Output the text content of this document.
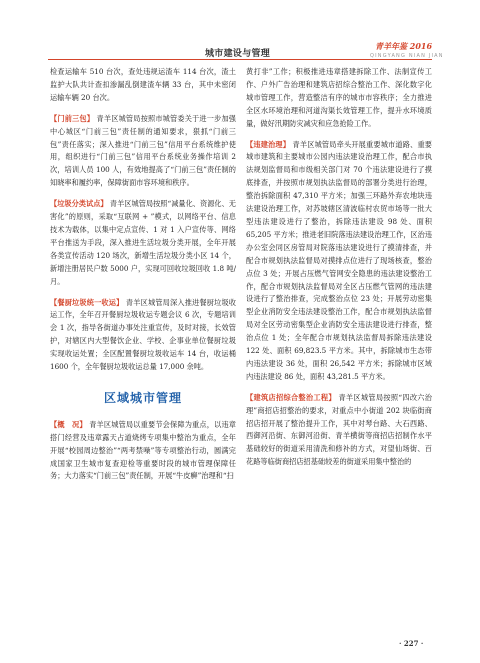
城市建设与管理
青羊年鉴 2016
QINGYANG NIAN JIAN

检查运输车 510 台次，查处违规运渣车 114 台次，渣土监护大队共计查扣渗漏乱倒建渣车辆 33 台，其中未密闭运输车辆 20 台次。

【门前三包】 青羊区城管局按照市城管委关于进一步加强中心城区“门前三包”责任制的通知要求，狠抓“门前三包”责任落实；深入推进“门前三包”信用平台系统维护使用，组织进行“门前三包”信用平台系统业务操作培训 2 次，培训人员 100 人，有效地提高了“门前三包”责任制的知晓率和履约率，保障街面市容环境和秩序。

【垃圾分类试点】 青羊区城管局按照“减量化、资源化、无害化”的原则，采取“互联网 + ”模式，以网络平台、信息技术为载体，以集中定点宣传、1 对 1 入户宣传等、网络平台推送为手段，深入推进生活垃圾分类开展，全年开展各类宣传活动 120 场次，新增生活垃圾分类小区 14 个，新增注册居民户数 5000 户，实现可回收垃圾回收 1.8 吨/月。

【餐厨垃圾统一收运】 青羊区城管局深入推进餐厨垃圾收运工作，全年召开餐厨垃圾收运专题会议 6 次，专题培训会 1 次，指导各街道办事处注重宣传，及时对接，长效管护，对辖区内大型餐饮企业、学校、企事业单位餐厨垃圾实现收运处置；全区配置餐厨垃圾收运车 14 台，收运桶 1600 个，全年餐厨垃圾收运总量 17,000 余吨。

区域城市管理

【概　况】 青羊区城管局以重要节会保障为重点，以违章搭门经营及违章露天占道烧烤专项集中整治为重点，全年开展“校园周边整治”“两考禁噪”等专项整治行动，圆满完成国家卫生城市复查迎检等重要时段的城市管理保障任务；大力落实“门前三包”责任制，开展“牛皮癣”治理和“扫

黄打非”工作；积极推进违章搭建拆除工作、法制宣传工作、户外广告治理和建筑店招综合整治工作、深化数字化城市管理工作，营造整洁有序的城市市容秩序；全力推进全区水环境治理和河道沟渠长效管理工作，提升水环境质量，做好汛期防灾减灾和应急抢险工作。

【违建治理】 青羊区城管局牵头开展重要城市道路、重要城市建筑和主要城市公园内违法建设治理工作，配合市执法规划监督局和市级相关部门对 70 个违法建设进行了摸底排查，并按照市规划执法监督局的部署分类进行治理，整治拆除面积 47,310 平方米；加强三环路外弃农地块违法建设治理工作，对苏坡辖区清波临村农贸市场等一批大型违法建设进行了整治，拆除违法建设 98 处、面积 65,205 平方米；推进老旧院落违法建设治理工作，区治违办公室会同区房管局对院落违法建设进行了摸清排查，并配合市规划执法监督局对摸排点位进行了现场核查，整治点位 3 处；开展占压燃气管网安全隐患的违法建设整治工作，配合市规划执法监督局对全区占压燃气管网的违法建设进行了整治排查，完成整治点位 23 处；开展劳动密集型企业消防安全违法建设整治工作，配合市规划执法监督局对全区劳动密集型企业消防安全违法建设进行排查，整治点位 1 处；全年配合市规划执法监督局拆除违法建设 122 处、面积 69,823.5 平方米。其中，拆除城市生态带内违法建设 36 处，面积 26,542 平方米；拆除城市区域内违法建设 86 处，面积 43,281.5 平方米。

【建筑店招综合整治工程】 青羊区城管局按照“四改六治理”商招店招整治的要求，对重点中小街道 202 块临街商招店招开展了整治提升工作，其中对琴台路、大石西路、西御河沿街、东御河沿街、青羊横街等商招店招制作水平基础较好的街道采用清洗和修补的方式，对望仙场街、百花路等临街商招店招基础较差的街道采用集中整治的

· 227 ·
